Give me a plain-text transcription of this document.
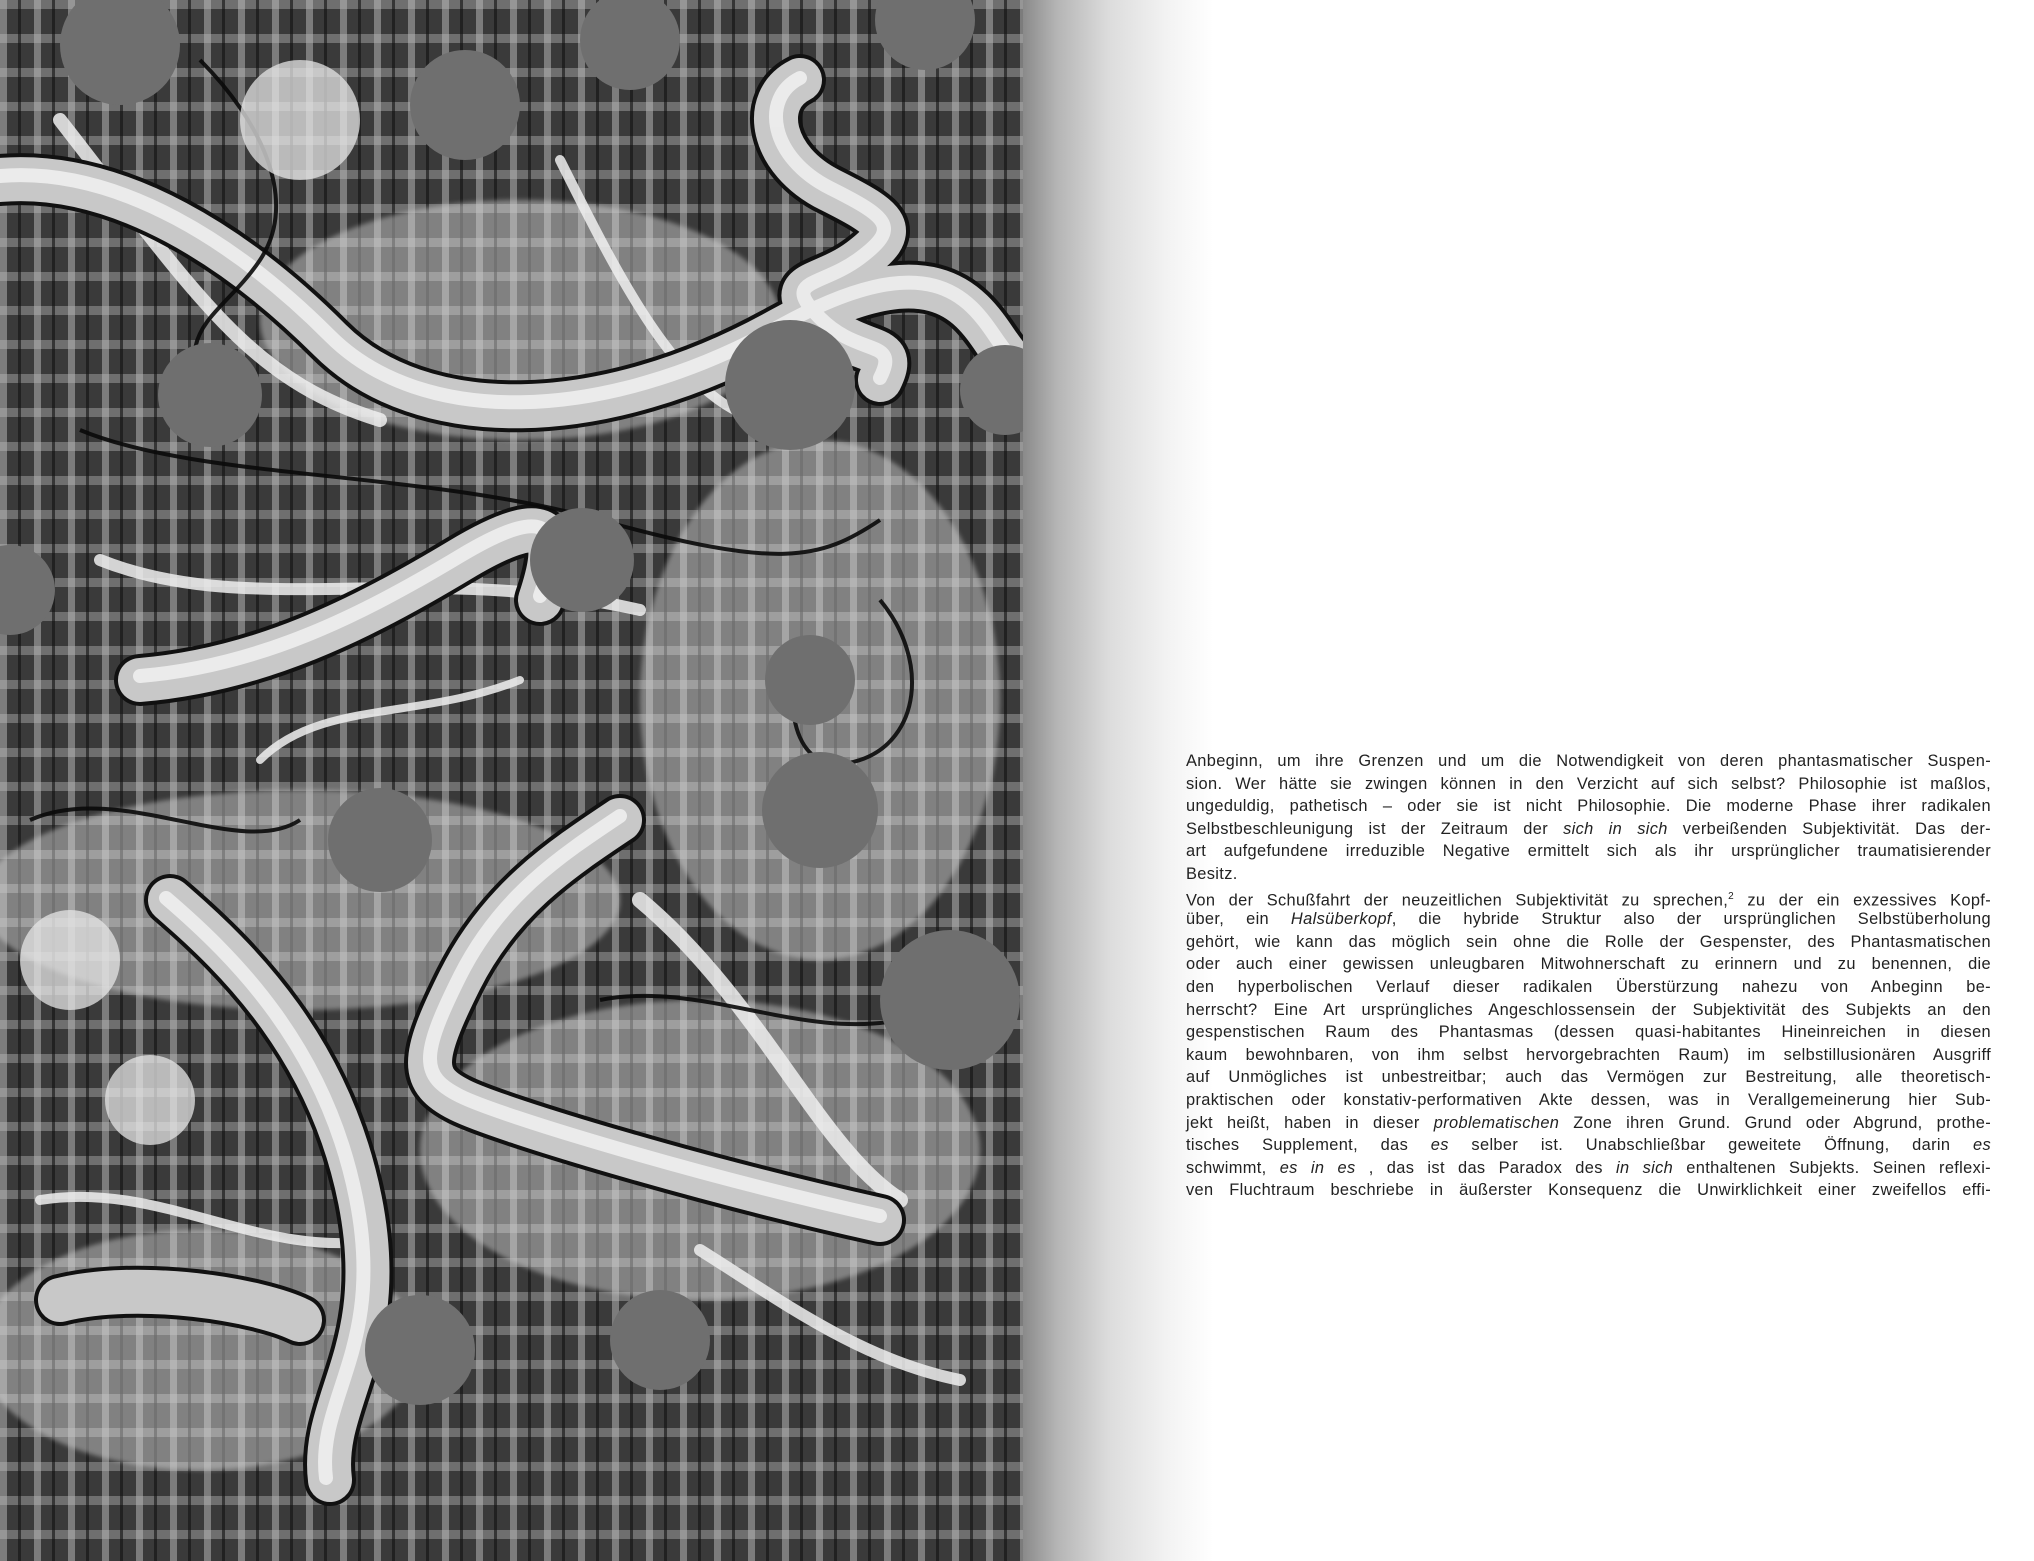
Anbeginn, um ihre Grenzen und um die Notwendigkeit von deren phantasmatischer Suspen-
sion. Wer hätte sie zwingen können in den Verzicht auf sich selbst? Philosophie ist maßlos,
ungeduldig, pathetisch – oder sie ist nicht Philosophie. Die moderne Phase ihrer radikalen
Selbstbeschleunigung ist der Zeitraum der sich in sich verbeißenden Subjektivität. Das der-
art aufgefundene irreduzible Negative ermittelt sich als ihr ursprünglicher traumatisierender
Besitz.
Von der Schußfahrt der neuzeitlichen Subjektivität zu sprechen,$^2$ zu der ein exzessives Kopf-
über, ein Halsüberkopf, die hybride Struktur also der ursprünglichen Selbstüberholung
gehört, wie kann das möglich sein ohne die Rolle der Gespenster, des Phantasmatischen
oder auch einer gewissen unleugbaren Mitwohnerschaft zu erinnern und zu benennen, die
den hyperbolischen Verlauf dieser radikalen Überstürzung nahezu von Anbeginn be-
herrscht? Eine Art ursprüngliches Angeschlossensein der Subjektivität des Subjekts an den
gespenstischen Raum des Phantasmas (dessen quasi-habitantes Hineinreichen in diesen
kaum bewohnbaren, von ihm selbst hervorgebrachten Raum) im selbstillusionären Ausgriff
auf Unmögliches ist unbestreitbar; auch das Vermögen zur Bestreitung, alle theoretisch-
praktischen oder konstativ-performativen Akte dessen, was in Verallgemeinerung hier Sub-
jekt heißt, haben in dieser problematischen Zone ihren Grund. Grund oder Abgrund, prothe-
tisches Supplement, das es selber ist. Unabschließbar geweitete Öffnung, darin es
schwimmt, es in es , das ist das Paradox des in sich enthaltenen Subjekts. Seinen reflexi-
ven Fluchtraum beschriebe in äußerster Konsequenz die Unwirklichkeit einer zweifellos effi-
